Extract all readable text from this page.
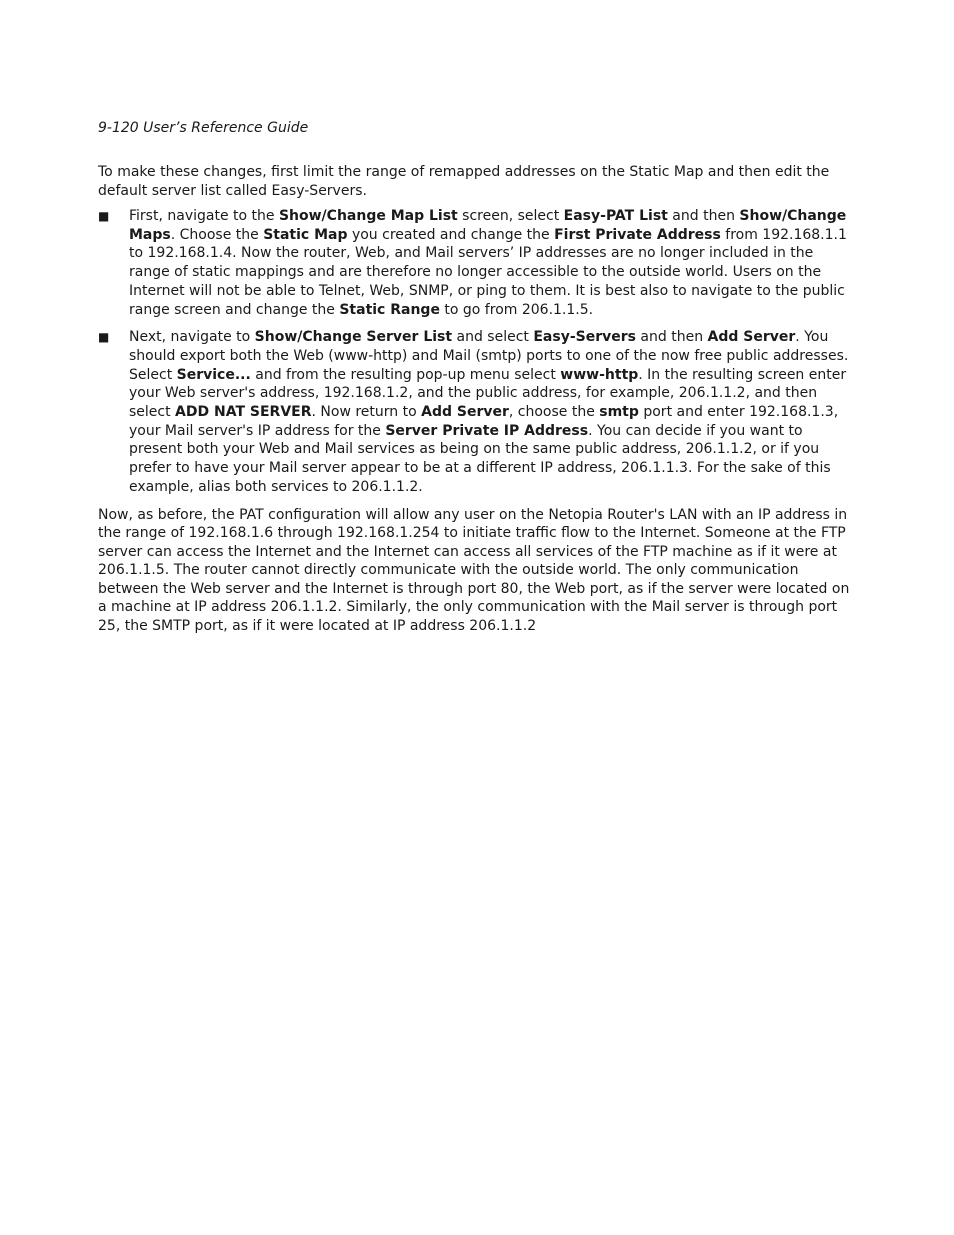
9-120 User’s Reference Guide

To make these changes, first limit the range of remapped addresses on the Static Map and then edit the default server list called Easy-Servers.

■ First, navigate to the Show/Change Map List screen, select Easy-PAT List and then Show/Change Maps. Choose the Static Map you created and change the First Private Address from 192.168.1.1 to 192.168.1.4. Now the router, Web, and Mail servers’ IP addresses are no longer included in the range of static mappings and are therefore no longer accessible to the outside world. Users on the Internet will not be able to Telnet, Web, SNMP, or ping to them. It is best also to navigate to the public range screen and change the Static Range to go from 206.1.1.5.
■ Next, navigate to Show/Change Server List and select Easy-Servers and then Add Server. You should export both the Web (www-http) and Mail (smtp) ports to one of the now free public addresses. Select Service... and from the resulting pop-up menu select www-http. In the resulting screen enter your Web server's address, 192.168.1.2, and the public address, for example, 206.1.1.2, and then select ADD NAT SERVER. Now return to Add Server, choose the smtp port and enter 192.168.1.3, your Mail server's IP address for the Server Private IP Address. You can decide if you want to present both your Web and Mail services as being on the same public address, 206.1.1.2, or if you prefer to have your Mail server appear to be at a different IP address, 206.1.1.3. For the sake of this example, alias both services to 206.1.1.2.

Now, as before, the PAT configuration will allow any user on the Netopia Router's LAN with an IP address in the range of 192.168.1.6 through 192.168.1.254 to initiate traffic flow to the Internet. Someone at the FTP server can access the Internet and the Internet can access all services of the FTP machine as if it were at 206.1.1.5. The router cannot directly communicate with the outside world. The only communication between the Web server and the Internet is through port 80, the Web port, as if the server were located on a machine at IP address 206.1.1.2. Similarly, the only communication with the Mail server is through port 25, the SMTP port, as if it were located at IP address 206.1.1.2
